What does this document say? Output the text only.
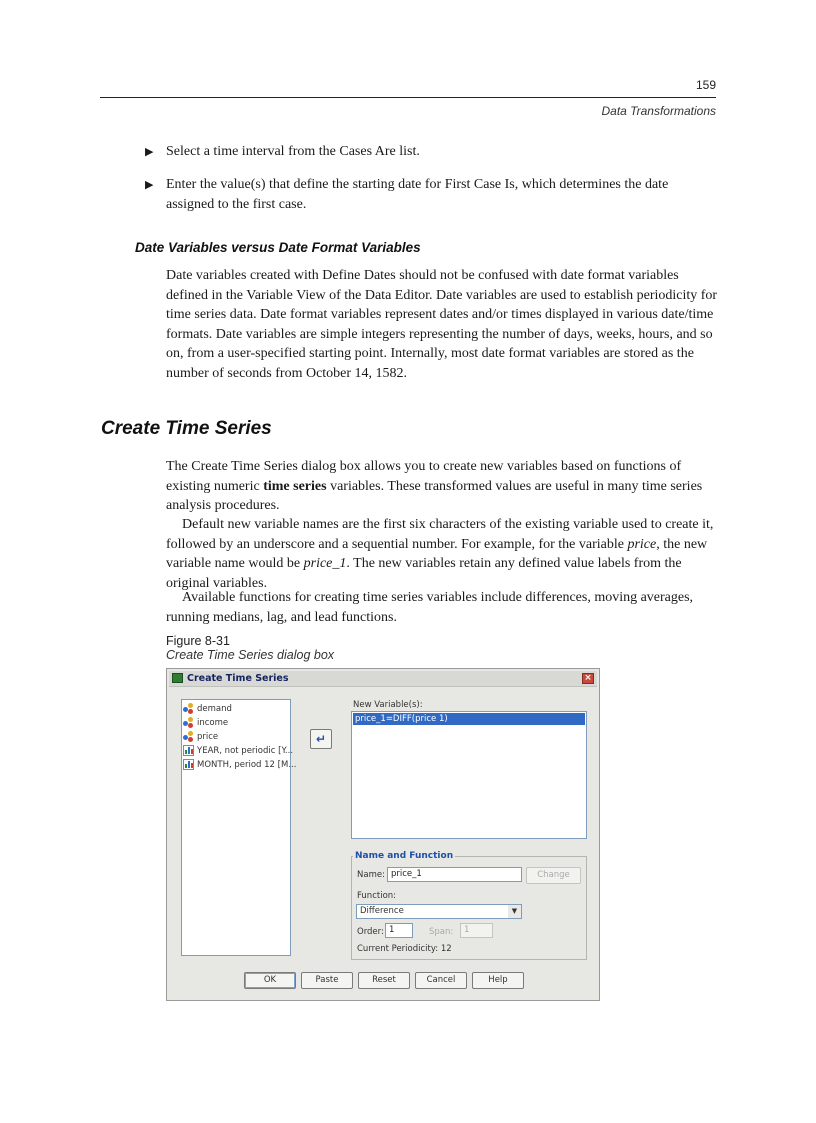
159
Data Transformations
▶ Select a time interval from the Cases Are list.
▶ Enter the value(s) that define the starting date for First Case Is, which determines the date assigned to the first case.
Date Variables versus Date Format Variables
Date variables created with Define Dates should not be confused with date format variables defined in the Variable View of the Data Editor. Date variables are used to establish periodicity for time series data. Date format variables represent dates and/or times displayed in various date/time formats. Date variables are simple integers representing the number of days, weeks, hours, and so on, from a user-specified starting point. Internally, most date format variables are stored as the number of seconds from October 14, 1582.
Create Time Series
The Create Time Series dialog box allows you to create new variables based on functions of existing numeric time series variables. These transformed values are useful in many time series analysis procedures.
Default new variable names are the first six characters of the existing variable used to create it, followed by an underscore and a sequential number. For example, for the variable price, the new variable name would be price_1. The new variables retain any defined value labels from the original variables.
Available functions for creating time series variables include differences, moving averages, running medians, lag, and lead functions.
Figure 8-31
Create Time Series dialog box
Create Time Series	×
demand
income
price
YEAR, not periodic [Y...
MONTH, period 12 [M...
↵
New Variable(s):
price_1=DIFF(price 1)
Name and Function
Name: price_1	Change
Function:
Difference	▼
Order: 1	Span:	1
Current Periodicity: 12
OK	Paste	Reset	Cancel	Help
